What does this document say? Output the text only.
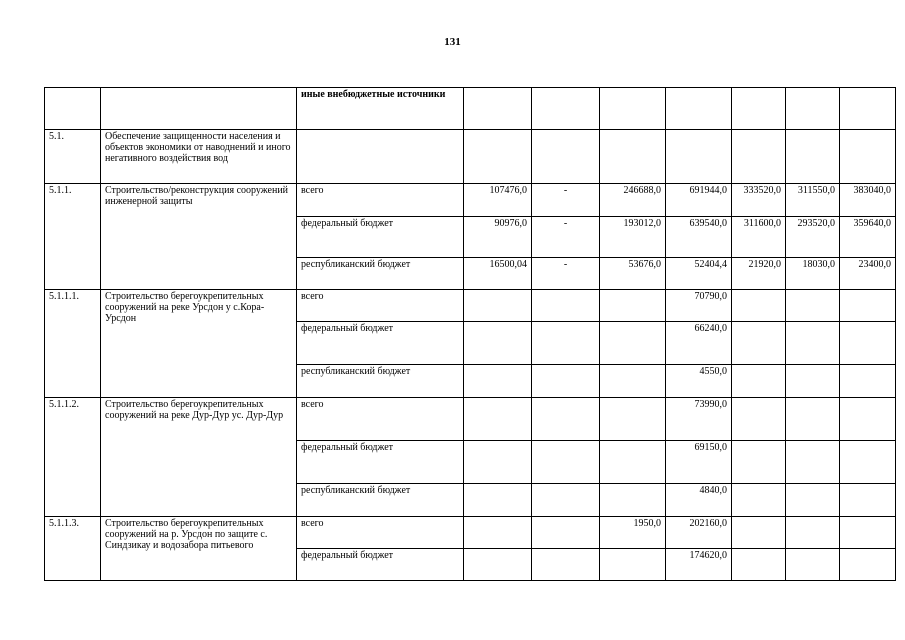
131
		иные внебюджетные источники							
5.1.	Обеспечение защищенности населения и объектов экономики от наводнений и иного негативного воздействия вод								
5.1.1.	Строительство/реконструкция сооружений инженерной защиты	всего	107476,0	-	246688,0	691944,0	333520,0	311550,0	383040,0
		федеральный бюджет	90976,0	-	193012,0	639540,0	311600,0	293520,0	359640,0
		республиканский бюджет	16500,04	-	53676,0	52404,4	21920,0	18030,0	23400,0
5.1.1.1.	Строительство берегоукрепительных сооружений на реке Урсдон у с.Кора-Урсдон	всего				70790,0			
		федеральный бюджет				66240,0			
		республиканский бюджет				4550,0			
5.1.1.2.	Строительство берегоукрепительных сооружений на реке Дур-Дур ус. Дур-Дур	всего				73990,0			
		федеральный бюджет				69150,0			
		республиканский бюджет				4840,0			
5.1.1.3.	Строительство берегоукрепительных сооружений на р. Урсдон по защите с. Синдзикау и водозабора питьевого	всего			1950,0	202160,0			
		федеральный бюджет				174620,0			
